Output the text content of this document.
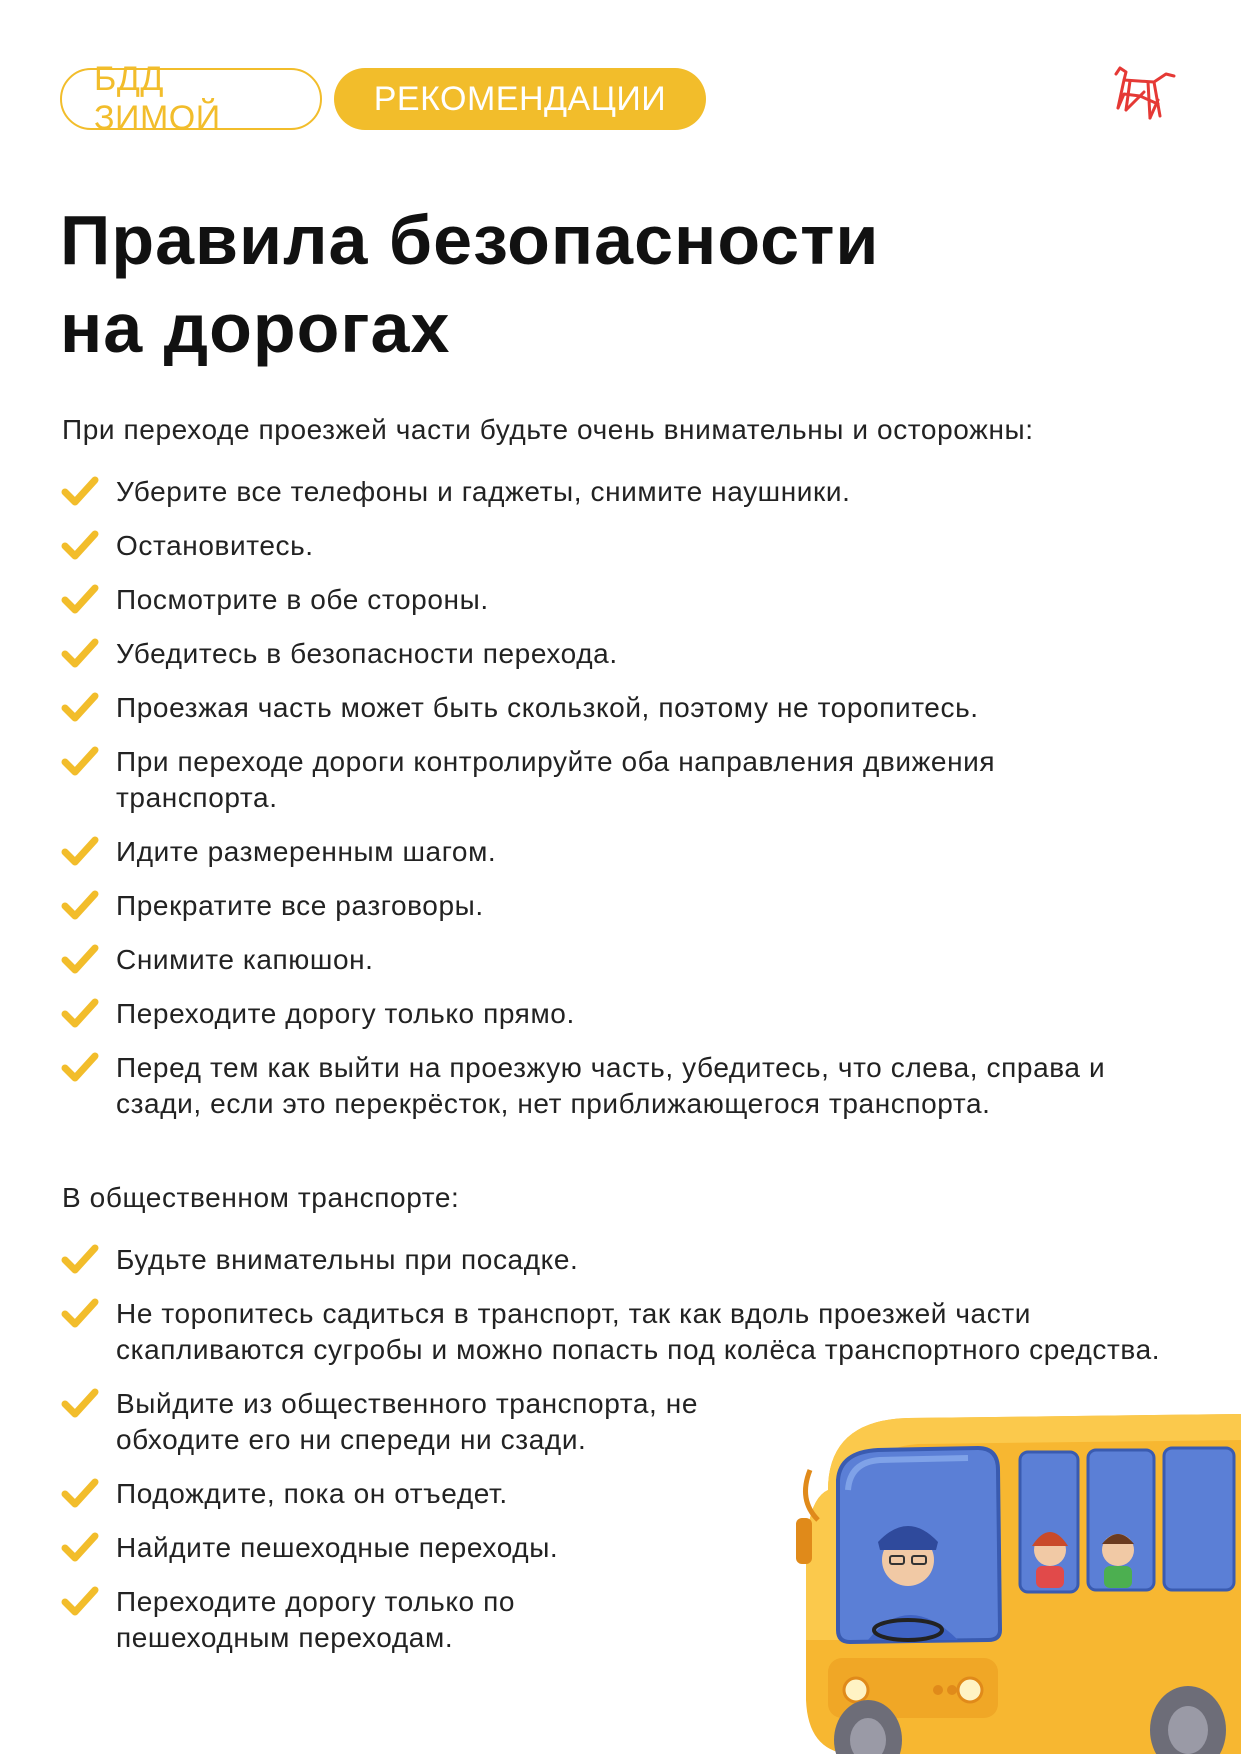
БДД ЗИМОЙ
РЕКОМЕНДАЦИИ
Правила безопасности
на дорогах
При переходе проезжей части будьте очень внимательны и осторожны:
Уберите все телефоны и гаджеты, снимите наушники.
Остановитесь.
Посмотрите в обе стороны.
Убедитесь в безопасности перехода.
Проезжая часть может быть скользкой, поэтому не торопитесь.
При переходе дороги контролируйте оба направления движения транспорта.
Идите размеренным шагом.
Прекратите все разговоры.
Снимите капюшон.
Переходите дорогу только прямо.
Перед тем как выйти на проезжую часть, убедитесь, что слева, справа и сзади, если это перекрёсток, нет приближающегося транспорта.
В общественном транспорте:
Будьте внимательны при посадке.
Не торопитесь садиться в транспорт, так как вдоль проезжей части скапливаются сугробы и можно попасть под колёса транспортного средства.
Выйдите из общественного транспорта, не обходите его ни спереди ни сзади.
Подождите, пока он отъедет.
Найдите пешеходные переходы.
Переходите дорогу только по пешеходным переходам.
